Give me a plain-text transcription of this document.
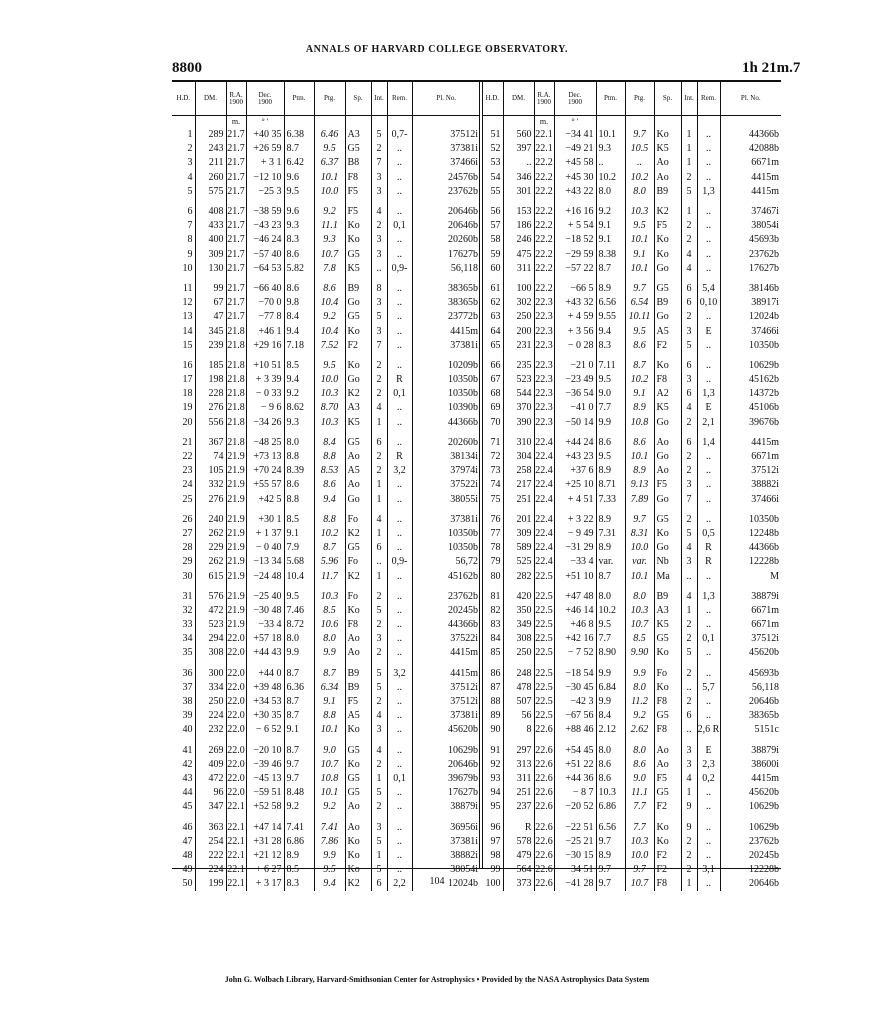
ANNALS OF HARVARD COLLEGE OBSERVATORY.
8800	1h 21m.7
H.D.	DM.	R.A.
1900	Dec.
1900	Ptm.	Ptg.	Sp.	Int.	Rem.	Pl. No.
		m.	° ′						
1	289	21.7	+40 35	6.38	6.46	A3	5	0,7-	37512i
2	243	21.7	+26 59	8.7	9.5	G5	2	..	37381i
3	211	21.7	+ 3 1	6.42	6.37	B8	7	..	37466i
4	260	21.7	−12 10	9.6	10.1	F8	3	..	24576b
5	575	21.7	−25 3	9.5	10.0	F5	3	..	23762b

6	408	21.7	−38 59	9.6	9.2	F5	4	..	20646b
7	433	21.7	−43 23	9.3	11.1	Ko	2	0,1	20646b
8	400	21.7	−46 24	8.3	9.3	Ko	3	..	20260b
9	309	21.7	−57 40	8.6	10.7	G5	3	..	17627b
10	130	21.7	−64 53	5.82	7.8	K5	..	0,9-	56,118

11	99	21.7	−66 40	8.6	8.6	B9	8	..	38365b
12	67	21.7	−70 0	9.8	10.4	Go	3	..	38365b
13	47	21.7	−77 8	8.4	9.2	G5	5	..	23772b
14	345	21.8	+46 1	9.4	10.4	Ko	3	..	4415m
15	239	21.8	+29 16	7.18	7.52	F2	7	..	37381i

16	185	21.8	+10 51	8.5	9.5	Ko	2	..	10209b
17	198	21.8	+ 3 39	9.4	10.0	Go	2	R	10350b
18	228	21.8	− 0 33	9.2	10.3	K2	2	0,1	10350b
19	276	21.8	− 9 6	8.62	8.70	A3	4	..	10390b
20	556	21.8	−34 26	9.3	10.3	K5	1	..	44366b

21	367	21.8	−48 25	8.0	8.4	G5	6	..	20260b
22	74	21.9	+73 13	8.8	8.8	Ao	2	R	38134i
23	105	21.9	+70 24	8.39	8.53	A5	2	3,2	37974i
24	332	21.9	+55 57	8.6	8.6	Ao	1	..	37522i
25	276	21.9	+42 5	8.8	9.4	Go	1	..	38055i

26	240	21.9	+30 1	8.5	8.8	Fo	4	..	37381i
27	262	21.9	+ 1 37	9.1	10.2	K2	1	..	10350b
28	229	21.9	− 0 40	7.9	8.7	G5	6	..	10350b
29	262	21.9	−13 34	5.68	5.96	Fo	..	0,9-	56,72
30	615	21.9	−24 48	10.4	11.7	K2	1	..	45162b

31	576	21.9	−25 40	9.5	10.3	Fo	2	..	23762b
32	472	21.9	−30 48	7.46	8.5	Ko	5	..	20245b
33	523	21.9	−33 4	8.72	10.6	F8	2	..	44366b
34	294	22.0	+57 18	8.0	8.0	Ao	3	..	37522i
35	308	22.0	+44 43	9.9	9.9	Ao	2	..	4415m

36	300	22.0	+44 0	8.7	8.7	B9	5	3,2	4415m
37	334	22.0	+39 48	6.36	6.34	B9	5	..	37512i
38	250	22.0	+34 53	8.7	9.1	F5	2	..	37512i
39	224	22.0	+30 35	8.7	8.8	A5	4	..	37381i
40	232	22.0	− 6 52	9.1	10.1	Ko	3	..	45620b

41	269	22.0	−20 10	8.7	9.0	G5	4	..	10629b
42	409	22.0	−39 46	9.7	10.7	Ko	2	..	20646b
43	472	22.0	−45 13	9.7	10.8	G5	1	0,1	39679b
44	96	22.0	−59 51	8.48	10.1	G5	5	..	17627b
45	347	22.1	+52 58	9.2	9.2	Ao	2	..	38879i

46	363	22.1	+47 14	7.41	7.41	Ao	3	..	36956i
47	254	22.1	+31 28	6.86	7.86	Ko	5	..	37381i
48	222	22.1	+21 12	8.9	9.9	Ko	1	..	38882i
49	224	22.1	+ 6 27	8.5	9.5	Ko	5	..	38054i
50	199	22.1	+ 3 17	8.3	9.4	K2	6	2,2	12024b
H.D.	DM.	R.A.
1900	Dec.
1900	Ptm.	Ptg.	Sp.	Int.	Rem.	Pl. No.
		m.	° ′						
51	560	22.1	−34 41	10.1	9.7	Ko	1	..	44366b
52	397	22.1	−49 21	9.3	10.5	K5	1	..	42088b
53	..	22.2	+45 58	..	..	Ao	1	..	6671m
54	346	22.2	+45 30	10.2	10.2	Ao	2	..	4415m
55	301	22.2	+43 22	8.0	8.0	B9	5	1,3	4415m

56	153	22.2	+16 16	9.2	10.3	K2	1	..	37467i
57	186	22.2	+ 5 54	9.1	9.5	F5	2	..	38054i
58	246	22.2	−18 52	9.1	10.1	Ko	2	..	45693b
59	475	22.2	−29 59	8.38	9.1	Ko	4	..	23762b
60	311	22.2	−57 22	8.7	10.1	Go	4	..	17627b

61	100	22.2	−66 5	8.9	9.7	G5	6	5,4	38146b
62	302	22.3	+43 32	6.56	6.54	B9	6	0,10	38917i
63	250	22.3	+ 4 59	9.55	10.11	Go	2	..	12024b
64	200	22.3	+ 3 56	9.4	9.5	A5	3	E	37466i
65	231	22.3	− 0 28	8.3	8.6	F2	5	..	10350b

66	235	22.3	−21 0	7.11	8.7	Ko	6	..	10629b
67	523	22.3	−23 49	9.5	10.2	F8	3	..	45162b
68	544	22.3	−36 54	9.0	9.1	A2	6	1,3	14372b
69	370	22.3	−41 0	7.7	8.9	K5	4	E	45106b
70	390	22.3	−50 14	9.9	10.8	Go	2	2,1	39676b

71	310	22.4	+44 24	8.6	8.6	Ao	6	1,4	4415m
72	304	22.4	+43 23	9.5	10.1	Go	2	..	6671m
73	258	22.4	+37 6	8.9	8.9	Ao	2	..	37512i
74	217	22.4	+25 10	8.71	9.13	F5	3	..	38882i
75	251	22.4	+ 4 51	7.33	7.89	Go	7	..	37466i

76	201	22.4	+ 3 22	8.9	9.7	G5	2	..	10350b
77	309	22.4	− 9 49	7.31	8.31	Ko	5	0,5	12248b
78	589	22.4	−31 29	8.9	10.0	Go	4	R	44366b
79	525	22.4	−33 4	var.	var.	Nb	3	R	12228b
80	282	22.5	+51 10	8.7	10.1	Ma	..	..	M

81	420	22.5	+47 48	8.0	8.0	B9	4	1,3	38879i
82	350	22.5	+46 14	10.2	10.3	A3	1	..	6671m
83	349	22.5	+46 8	9.5	10.7	K5	2	..	6671m
84	308	22.5	+42 16	7.7	8.5	G5	2	0,1	37512i
85	250	22.5	− 7 52	8.90	9.90	Ko	5	..	45620b

86	248	22.5	−18 54	9.9	9.9	Fo	2	..	45693b
87	478	22.5	−30 45	6.84	8.0	Ko	..	5,7	56,118
88	507	22.5	−42 3	9.9	11.2	F8	2	..	20646b
89	56	22.5	−67 56	8.4	9.2	G5	6	..	38365b
90	8	22.6	+88 46	2.12	2.62	F8	..	2,6 R	5151c

91	297	22.6	+54 45	8.0	8.0	Ao	3	E	38879i
92	313	22.6	+51 22	8.6	8.6	Ao	3	2,3	38600i
93	311	22.6	+44 36	8.6	9.0	F5	4	0,2	4415m
94	251	22.6	− 8 7	10.3	11.1	G5	1	..	45620b
95	237	22.6	−20 52	6.86	7.7	F2	9	..	10629b

96	R	22.6	−22 51	6.56	7.7	Ko	9	..	10629b
97	578	22.6	−25 21	9.7	10.3	Ko	2	..	23762b
98	479	22.6	−30 15	8.9	10.0	F2	2	..	20245b
99	564	22.6	−34 51	9.7	9.7	F2	2	3,1	12228b
100	373	22.6	−41 28	9.7	10.7	F8	1	..	20646b
104
John G. Wolbach Library, Harvard-Smithsonian Center for Astrophysics • Provided by the NASA Astrophysics Data System
